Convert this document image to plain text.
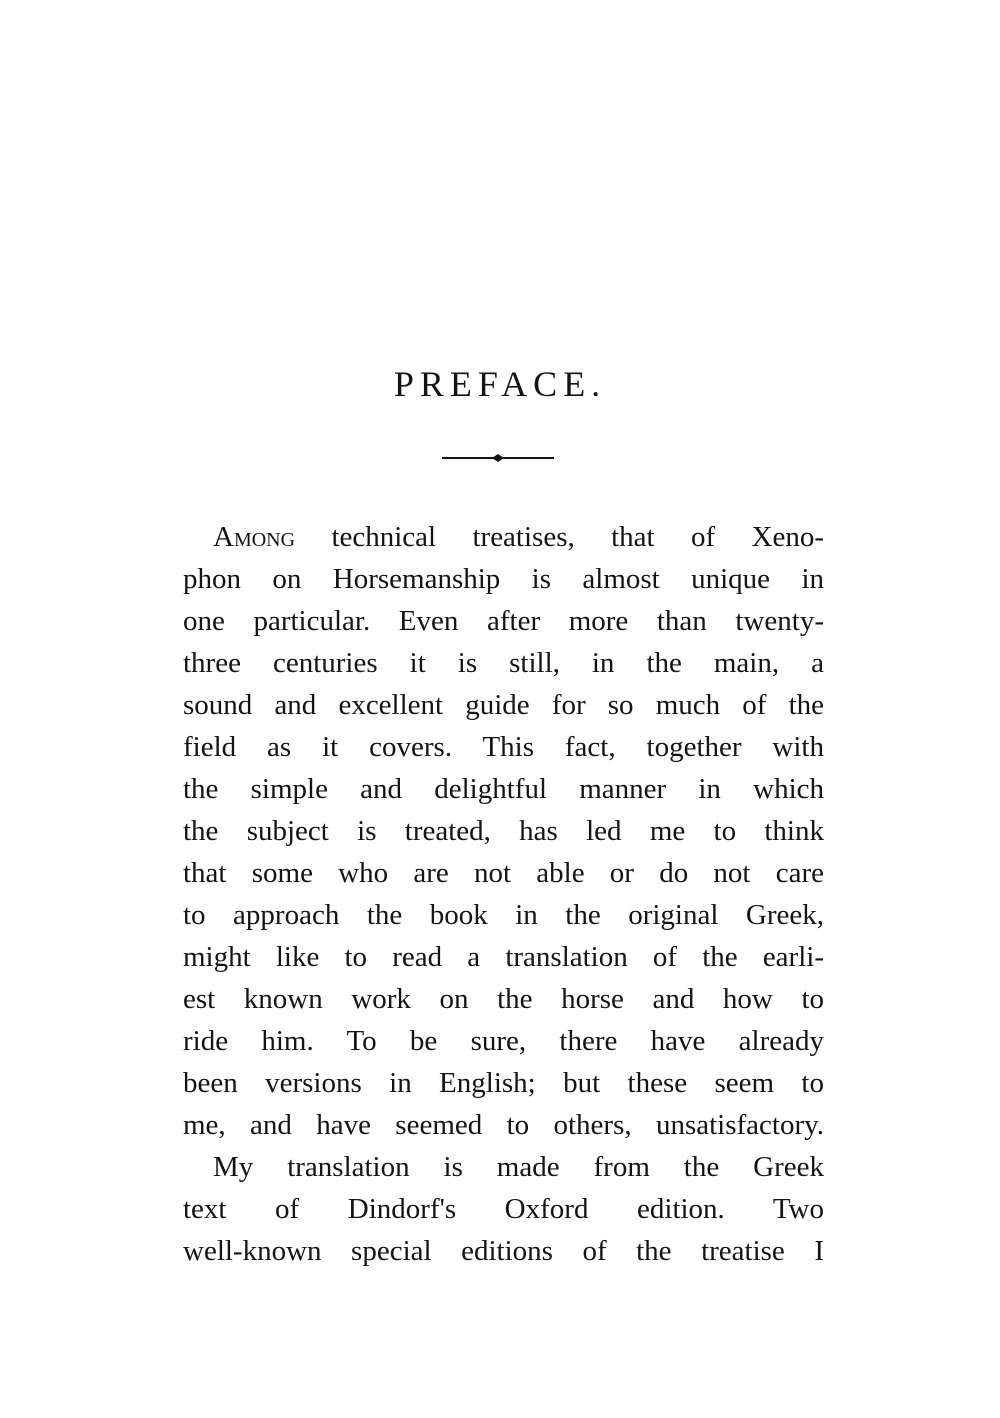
PREFACE.
Among technical treatises, that of Xeno-
phon on Horsemanship is almost unique in
one particular. Even after more than twenty-
three centuries it is still, in the main, a
sound and excellent guide for so much of the
field as it covers. This fact, together with
the simple and delightful manner in which
the subject is treated, has led me to think
that some who are not able or do not care
to approach the book in the original Greek,
might like to read a translation of the earli-
est known work on the horse and how to
ride him. To be sure, there have already
been versions in English; but these seem to
me, and have seemed to others, unsatisfactory.
My translation is made from the Greek
text of Dindorf's Oxford edition. Two
well-known special editions of the treatise I
